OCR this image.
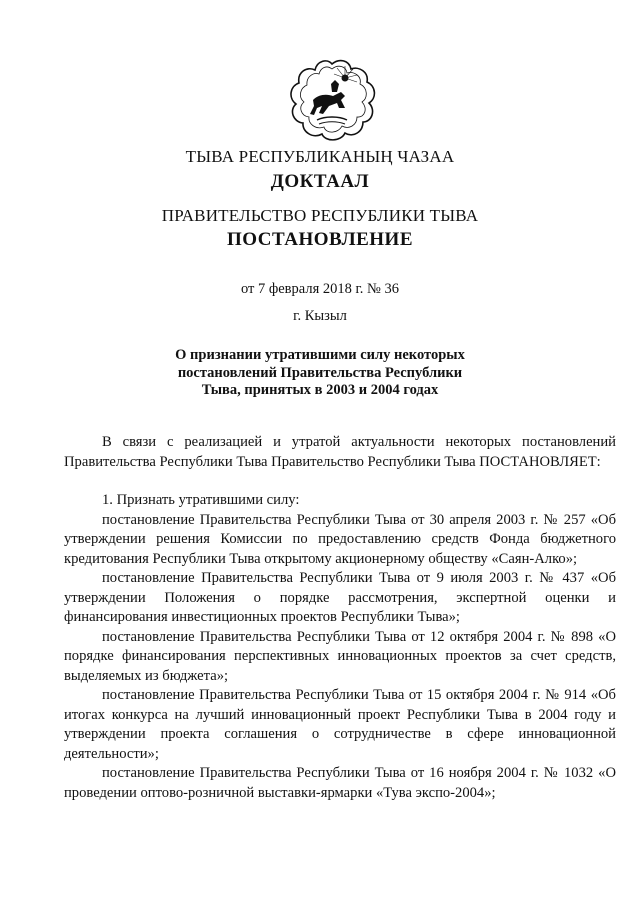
ТЫВА РЕСПУБЛИКАНЫҢ ЧАЗАА
ДОКТААЛ
ПРАВИТЕЛЬСТВО РЕСПУБЛИКИ ТЫВА
ПОСТАНОВЛЕНИЕ
от 7 февраля 2018 г. № 36
г. Кызыл
О признании утратившими силу некоторых
постановлений Правительства Республики
Тыва, принятых в 2003 и 2004 годах

В связи с реализацией и утратой актуальности некоторых постановлений Правительства Республики Тыва Правительство Республики Тыва ПОСТАНОВЛЯЕТ:

1. Признать утратившими силу:

постановление Правительства Республики Тыва от 30 апреля 2003 г. № 257 «Об утверждении решения Комиссии по предоставлению средств Фонда бюджетного кредитования Республики Тыва открытому акционерному обществу «Саян-Алко»;

постановление Правительства Республики Тыва от 9 июля 2003 г. № 437 «Об утверждении Положения о порядке рассмотрения, экспертной оценки и финансирования инвестиционных проектов Республики Тыва»;

постановление Правительства Республики Тыва от 12 октября 2004 г. № 898 «О порядке финансирования перспективных инновационных проектов за счет средств, выделяемых из бюджета»;

постановление Правительства Республики Тыва от 15 октября 2004 г. № 914 «Об итогах конкурса на лучший инновационный проект Республики Тыва в 2004 году и утверждении проекта соглашения о сотрудничестве в сфере инновационной деятельности»;

постановление Правительства Республики Тыва от 16 ноября 2004 г. № 1032 «О проведении оптово-розничной выставки-ярмарки «Тува экспо-2004»;
